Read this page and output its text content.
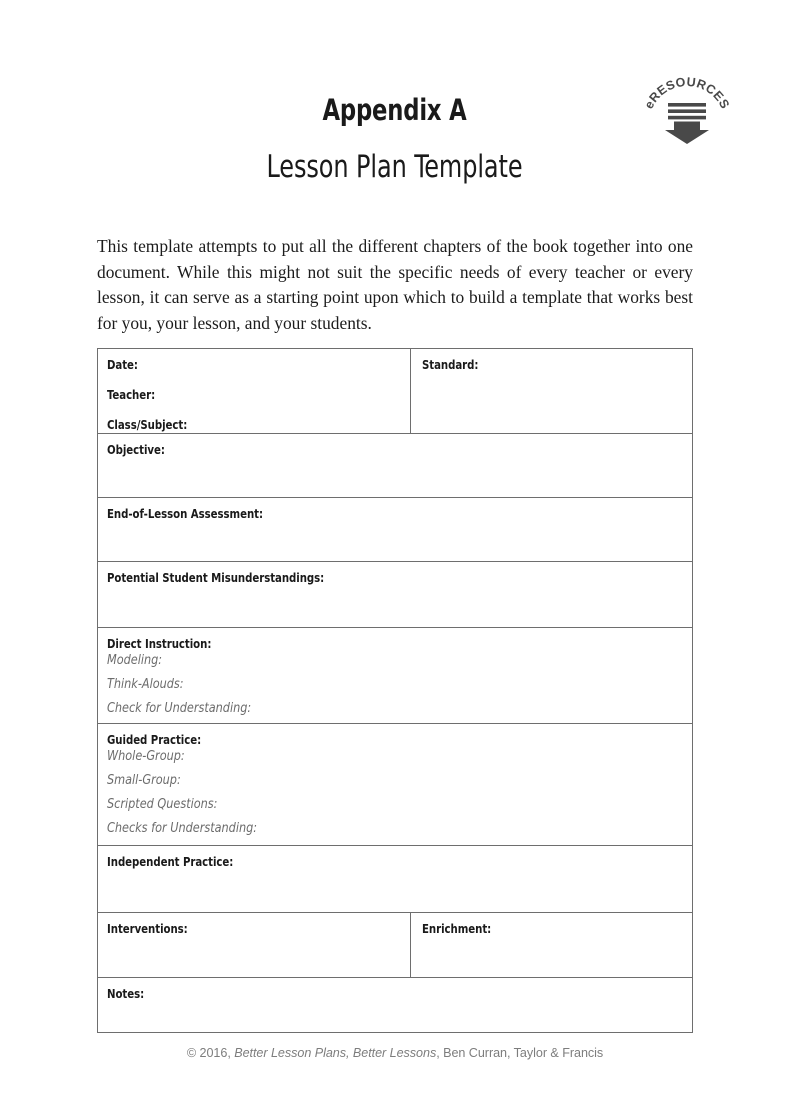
eRESOURCES
Appendix A
Lesson Plan Template

This template attempts to put all the different chapters of the book together into one document. While this might not suit the specific needs of every teacher or every lesson, it can serve as a starting point upon which to build a template that works best for you, your lesson, and your students.

Date:
Teacher:
Class/Subject:	Standard:

Objective:	

End-of-Lesson Assessment:	

Potential Student Misunderstandings:	

Direct Instruction:
Modeling:
Think-Alouds:
Check for Understanding:	

Guided Practice:
Whole-Group:
Small-Group:
Scripted Questions:
Checks for Understanding:	

Independent Practice:	

Interventions:	Enrichment:

Notes:	
© 2016, Better Lesson Plans, Better Lessons, Ben Curran, Taylor & Francis
